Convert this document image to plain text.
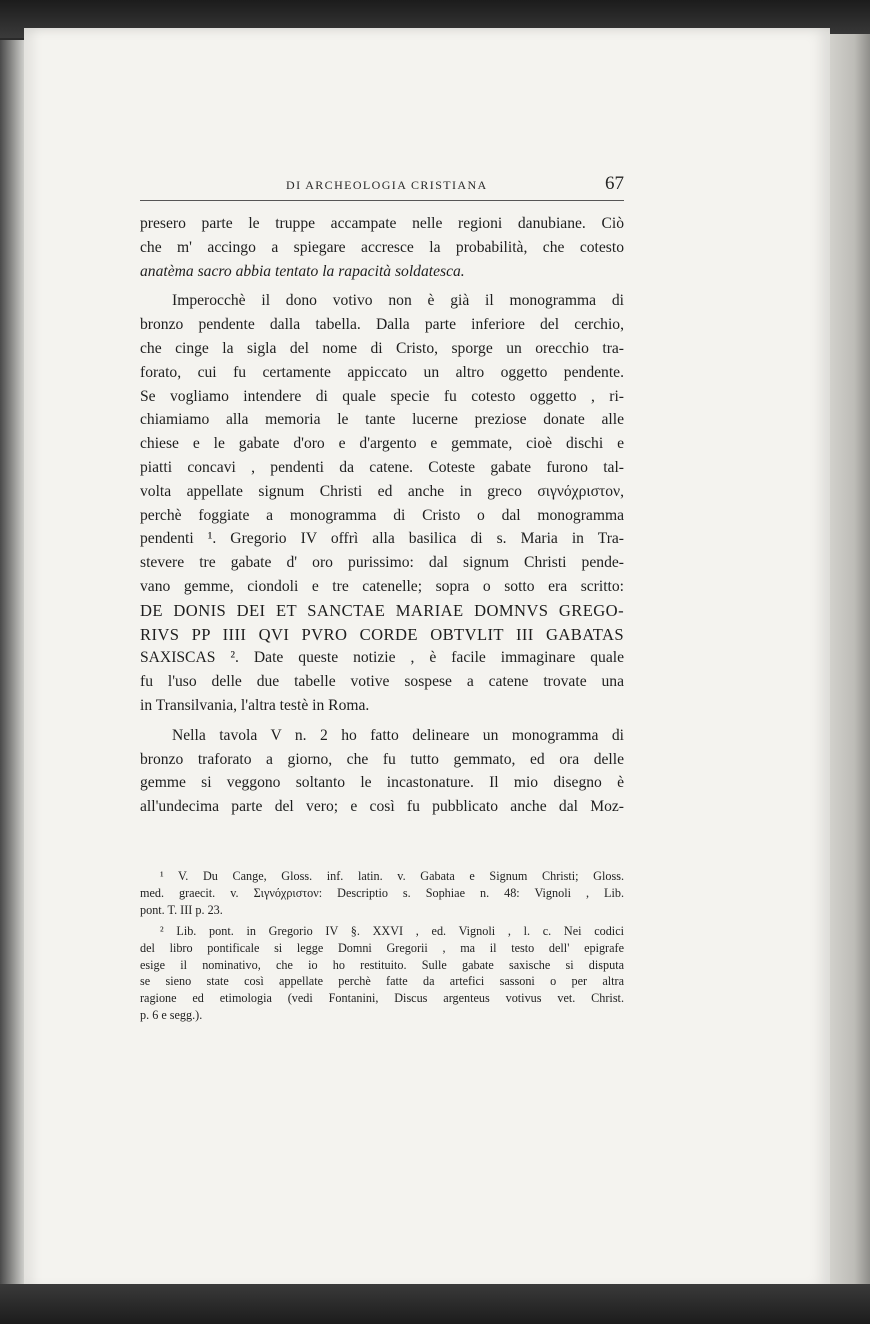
DI ARCHEOLOGIA CRISTIANA	67
presero parte le truppe accampate nelle regioni danubiane. Ciò
che m' accingo a spiegare accresce la probabilità, che cotesto
anatèma sacro abbia tentato la rapacità soldatesca.
Imperocchè il dono votivo non è già il monogramma di
bronzo pendente dalla tabella. Dalla parte inferiore del cerchio,
che cinge la sigla del nome di Cristo, sporge un orecchio tra-
forato, cui fu certamente appiccato un altro oggetto pendente.
Se vogliamo intendere di quale specie fu cotesto oggetto , ri-
chiamiamo alla memoria le tante lucerne preziose donate alle
chiese e le gabate d'oro e d'argento e gemmate, cioè dischi e
piatti concavi , pendenti da catene. Coteste gabate furono tal-
volta appellate signum Christi ed anche in greco σιγνόχριστον,
perchè foggiate a monogramma di Cristo o dal monogramma
pendenti ¹. Gregorio IV offrì alla basilica di s. Maria in Tra-
stevere tre gabate d' oro purissimo: dal signum Christi pende-
vano gemme, ciondoli e tre catenelle; sopra o sotto era scritto:
DE DONIS DEI ET SANCTAE MARIAE DOMNVS GREGO-
RIVS PP IIII QVI PVRO CORDE OBTVLIT III GABATAS
SAXISCAS ². Date queste notizie , è facile immaginare quale
fu l'uso delle due tabelle votive sospese a catene trovate una
in Transilvania, l'altra testè in Roma.
Nella tavola V n. 2 ho fatto delineare un monogramma di
bronzo traforato a giorno, che fu tutto gemmato, ed ora delle
gemme si veggono soltanto le incastonature. Il mio disegno è
all'undecima parte del vero; e così fu pubblicato anche dal Moz-
¹ V. Du Cange, Gloss. inf. latin. v. Gabata e Signum Christi; Gloss.
med. graecit. v. Σιγνόχριστον: Descriptio s. Sophiae n. 48: Vignoli , Lib.
pont. T. III p. 23.
² Lib. pont. in Gregorio IV §. XXVI , ed. Vignoli , l. c. Nei codici
del libro pontificale si legge Domni Gregorii , ma il testo dell' epigrafe
esige il nominativo, che io ho restituito. Sulle gabate saxische si disputa
se sieno state così appellate perchè fatte da artefici sassoni o per altra
ragione ed etimologia (vedi Fontanini, Discus argenteus votivus vet. Christ.
p. 6 e segg.).
